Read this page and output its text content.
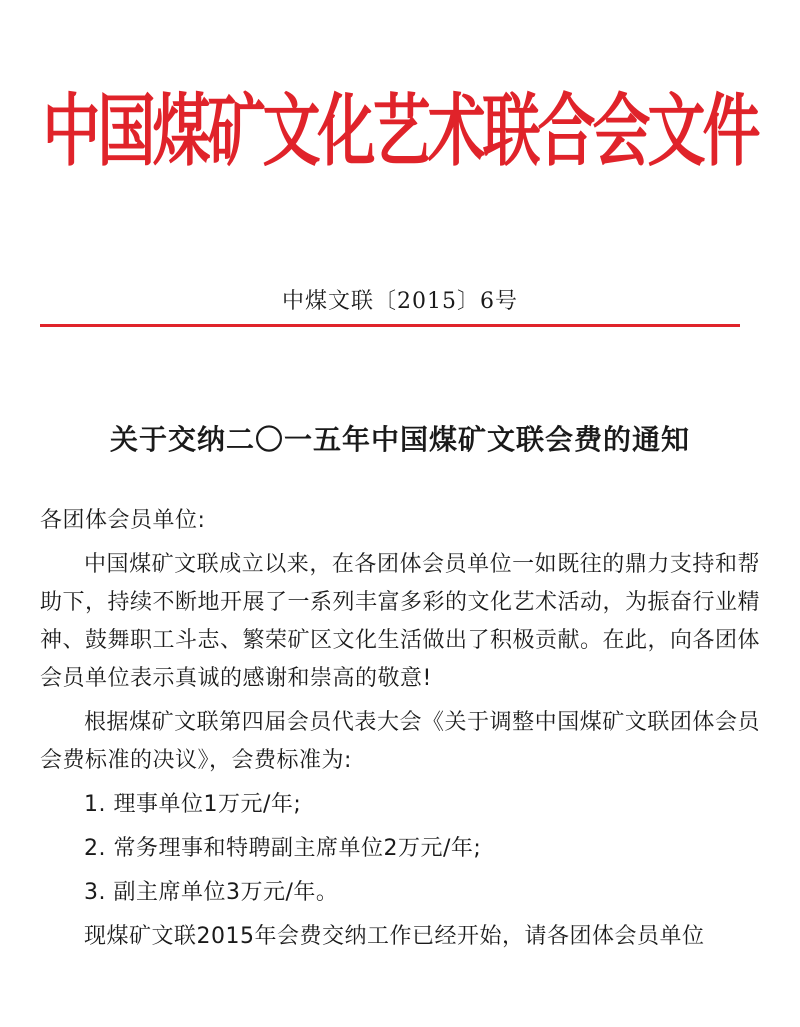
中国煤矿文化艺术联合会文件
中煤文联〔2015〕6号
关于交纳二〇一五年中国煤矿文联会费的通知
各团体会员单位:

中国煤矿文联成立以来，在各团体会员单位一如既往的鼎力支持和帮助下，持续不断地开展了一系列丰富多彩的文化艺术活动，为振奋行业精神、鼓舞职工斗志、繁荣矿区文化生活做出了积极贡献。在此，向各团体会员单位表示真诚的感谢和崇高的敬意!

根据煤矿文联第四届会员代表大会《关于调整中国煤矿文联团体会员会费标准的决议》，会费标准为:

1. 理事单位1万元/年;
2. 常务理事和特聘副主席单位2万元/年;
3. 副主席单位3万元/年。

现煤矿文联2015年会费交纳工作已经开始，请各团体会员单位
